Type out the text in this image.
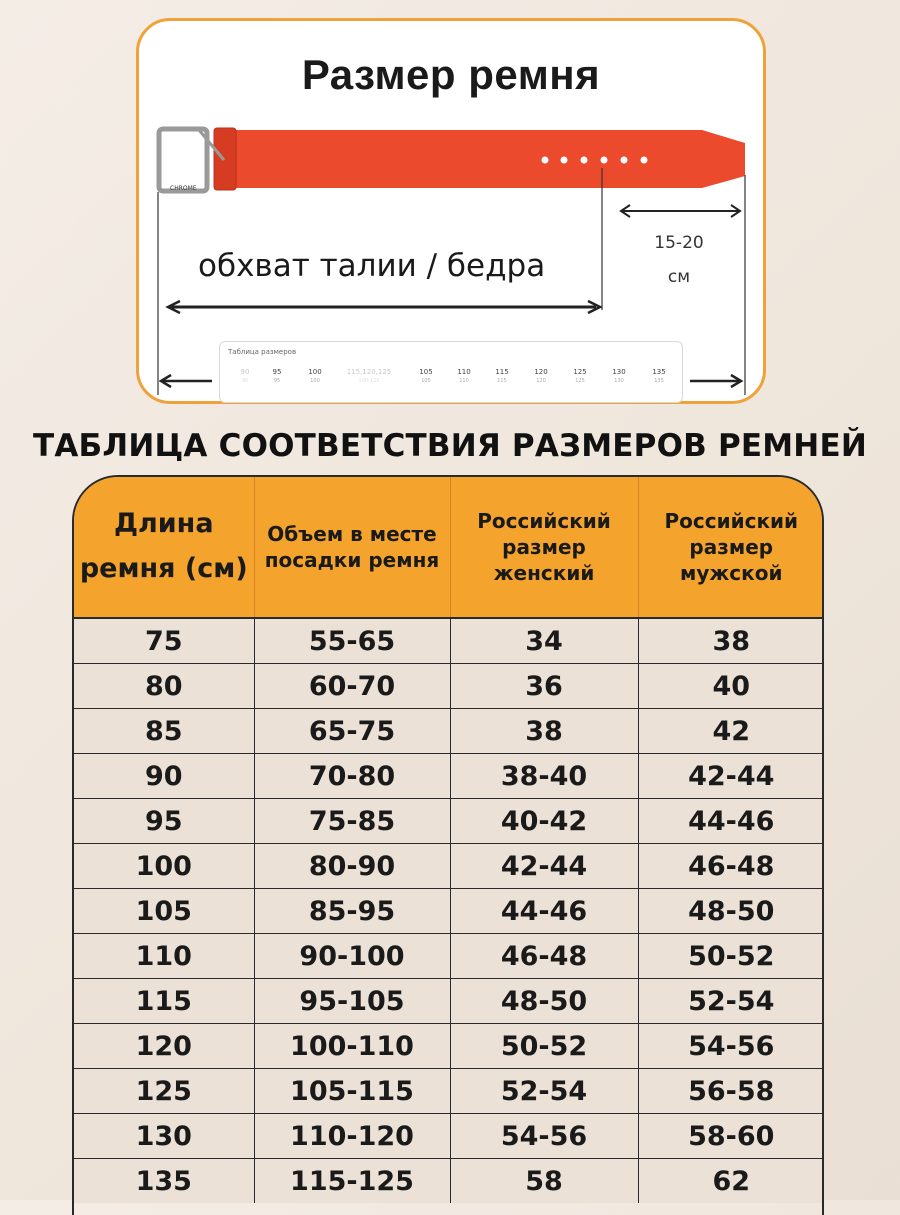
Размер ремня
CHROME
обхват талии / бедра
15-20
см
Таблица размеров
90
90
95
95
100
100
115,120,125
100-125
105
105
110
110
115
115
120
120
125
125
130
130
135
135
ТАБЛИЦА СООТВЕТСТВИЯ РАЗМЕРОВ РЕМНЕЙ
Длина ремня (см)	Объем в месте посадки ремня	Российский размер женский	Российский размер мужской
75	55-65	34	38
80	60-70	36	40
85	65-75	38	42
90	70-80	38-40	42-44
95	75-85	40-42	44-46
100	80-90	42-44	46-48
105	85-95	44-46	48-50
110	90-100	46-48	50-52
115	95-105	48-50	52-54
120	100-110	50-52	54-56
125	105-115	52-54	56-58
130	110-120	54-56	58-60
135	115-125	58	62
